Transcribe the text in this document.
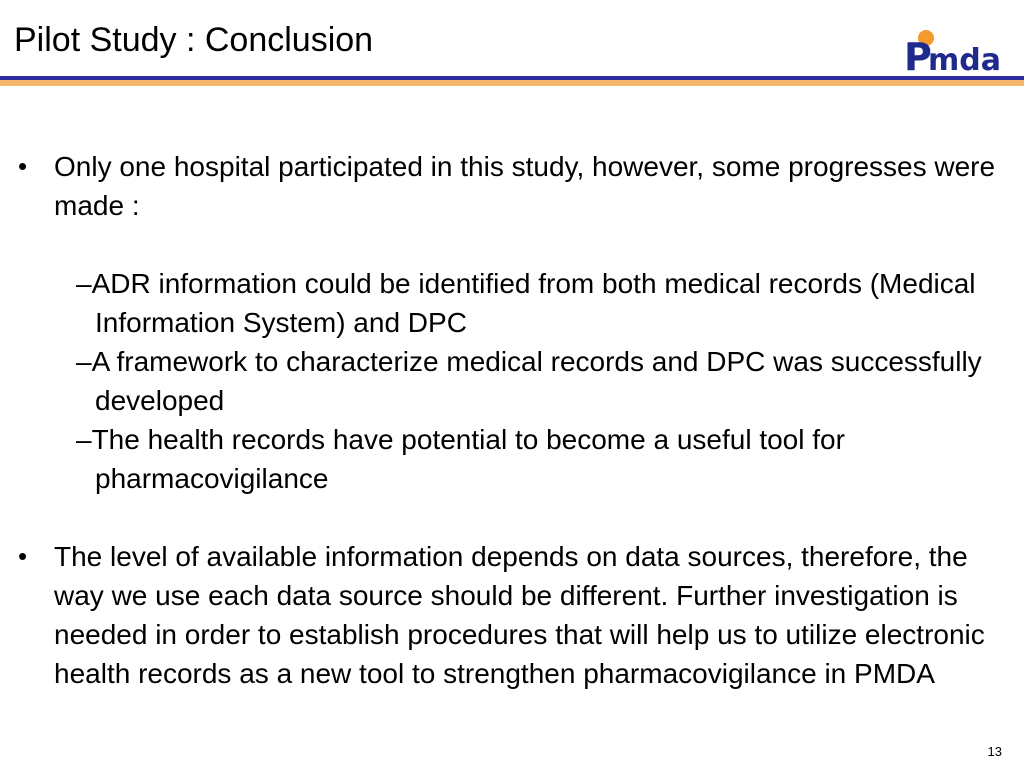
Pilot Study : Conclusion	P
mda
• Only one hospital participated in this study, however, some progresses were made :
–ADR information could be identified from both medical records (Medical Information System) and DPC
–A framework to characterize medical records and DPC was successfully developed
–The health records have potential to become a useful tool for pharmacovigilance
• The level of available information depends on data sources, therefore, the way we use each data source should be different. Further investigation is needed in order to establish procedures that will help us to utilize electronic health records as a new tool to strengthen pharmacovigilance in PMDA
13
